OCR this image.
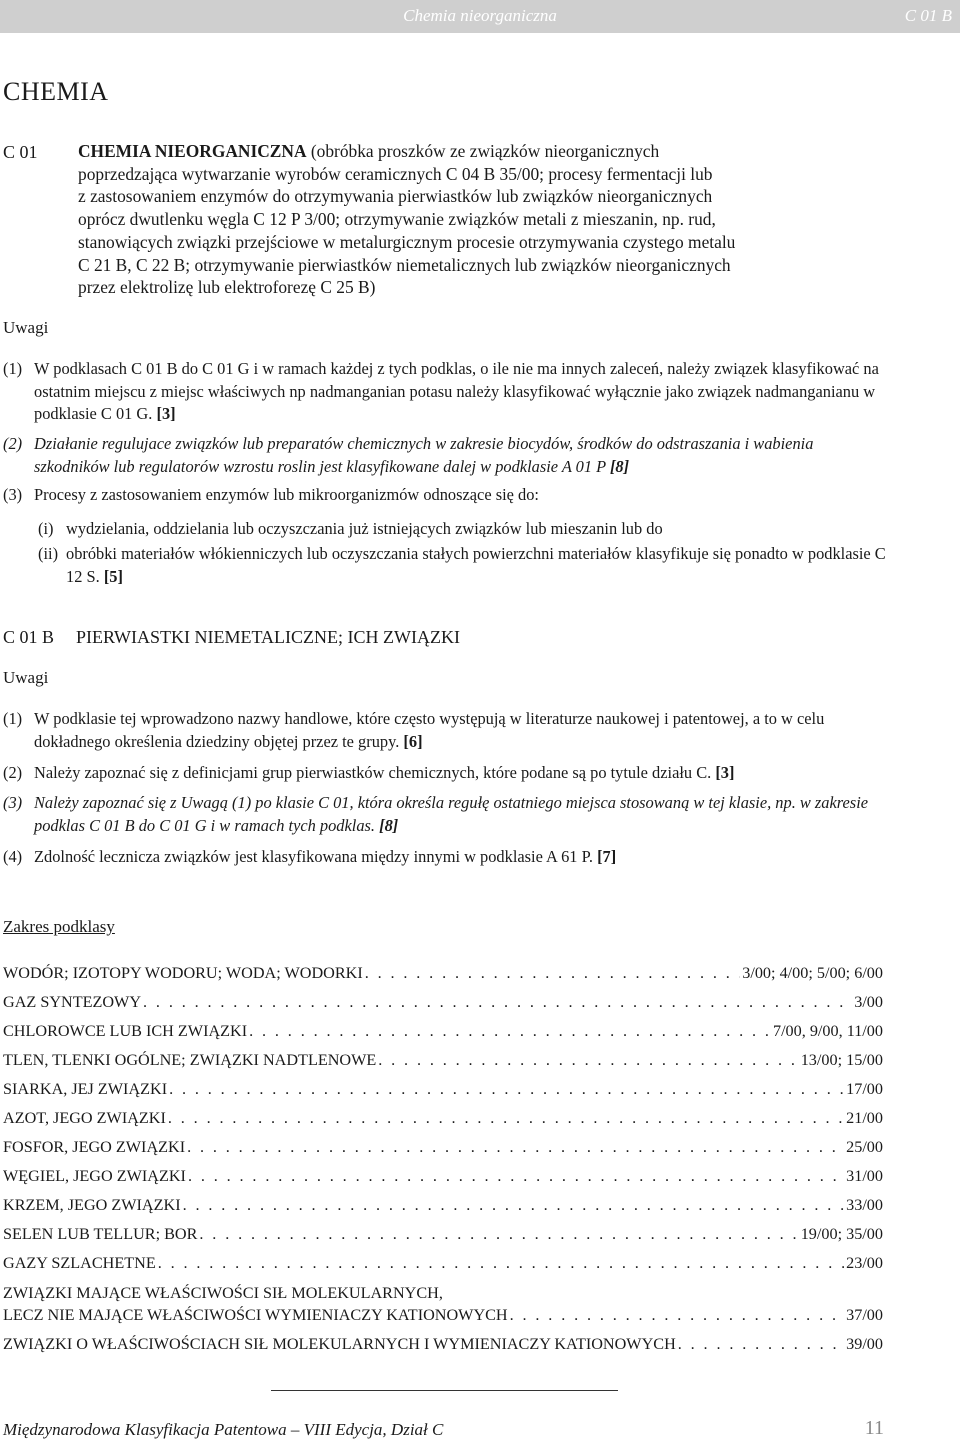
Chemia nieorganiczna	C 01 B
CHEMIA
C 01 CHEMIA NIEORGANICZNA (obróbka proszków ze związków nieorganicznych
poprzedzająca wytwarzanie wyrobów ceramicznych C 04 B 35/00; procesy fermentacji lub
z zastosowaniem enzymów do otrzymywania pierwiastków lub związków nieorganicznych
oprócz dwutlenku węgla C 12 P 3/00; otrzymywanie związków metali z mieszanin, np. rud,
stanowiących związki przejściowe w metalurgicznym procesie otrzymywania czystego metalu
C 21 B, C 22 B; otrzymywanie pierwiastków niemetalicznych lub związków nieorganicznych
przez elektrolizę lub elektroforezę C 25 B)
Uwagi
(1) W podklasach C 01 B do C 01 G i w ramach każdej z tych podklas, o ile nie ma innych zaleceń, należy związek klasyfikować na ostatnim miejscu z miejsc właściwych np nadmanganian potasu należy klasyfikować wyłącznie jako związek nadmanganianu w podklasie C 01 G. [3]
(2) Działanie regulujace związków lub preparatów chemicznych w zakresie biocydów, środków do odstraszania i wabienia szkodników lub regulatorów wzrostu roslin jest klasyfikowane dalej w podklasie A 01 P [8]
(3) Procesy z zastosowaniem enzymów lub mikroorganizmów odnoszące się do:
(i) wydzielania, oddzielania lub oczyszczania już istniejących związków lub mieszanin lub do
(ii) obróbki materiałów włókienniczych lub oczyszczania stałych powierzchni materiałów klasyfikuje się ponadto w podklasie C 12 S. [5]
C 01 B PIERWIASTKI NIEMETALICZNE; ICH ZWIĄZKI
Uwagi
(1) W podklasie tej wprowadzono nazwy handlowe, które często występują w literaturze naukowej i patentowej, a to w celu dokładnego określenia dziedziny objętej przez te grupy. [6]
(2) Należy zapoznać się z definicjami grup pierwiastków chemicznych, które podane są po tytule działu C. [3]
(3) Należy zapoznać się z Uwagą (1) po klasie C 01, która określa regułę ostatniego miejsca stosowaną w tej klasie, np. w zakresie podklas C 01 B do C 01 G i w ramach tych podklas. [8]
(4) Zdolność lecznicza związków jest klasyfikowana między innymi w podklasie A 61 P. [7]
Zakres podklasy
WODÓR; IZOTOPY WODORU; WODA; WODORKI . . .	3/00; 4/00; 5/00; 6/00
GAZ SYNTEZOWY . . .	3/00
CHLOROWCE LUB ICH ZWIĄZKI . . .	7/00, 9/00, 11/00
TLEN, TLENKI OGÓLNE; ZWIĄZKI NADTLENOWE . . .	13/00; 15/00
SIARKA, JEJ ZWIĄZKI . . .	17/00
AZOT, JEGO ZWIĄZKI . . .	21/00
FOSFOR, JEGO ZWIĄZKI . . .	25/00
WĘGIEL, JEGO ZWIĄZKI . . .	31/00
KRZEM, JEGO ZWIĄZKI . . .	33/00
SELEN LUB TELLUR; BOR . . .	19/00; 35/00
GAZY SZLACHETNE . . .	23/00
ZWIĄZKI MAJĄCE WŁAŚCIWOŚCI SIŁ MOLEKULARNYCH,
LECZ NIE MAJĄCE WŁAŚCIWOŚCI WYMIENIACZY KATIONOWYCH . . .	37/00
ZWIĄZKI O WŁAŚCIWOŚCIACH SIŁ MOLEKULARNYCH I WYMIENIACZY KATIONOWYCH . . .	39/00
Międzynarodowa Klasyfikacja Patentowa – VIII Edycja, Dział C	11
